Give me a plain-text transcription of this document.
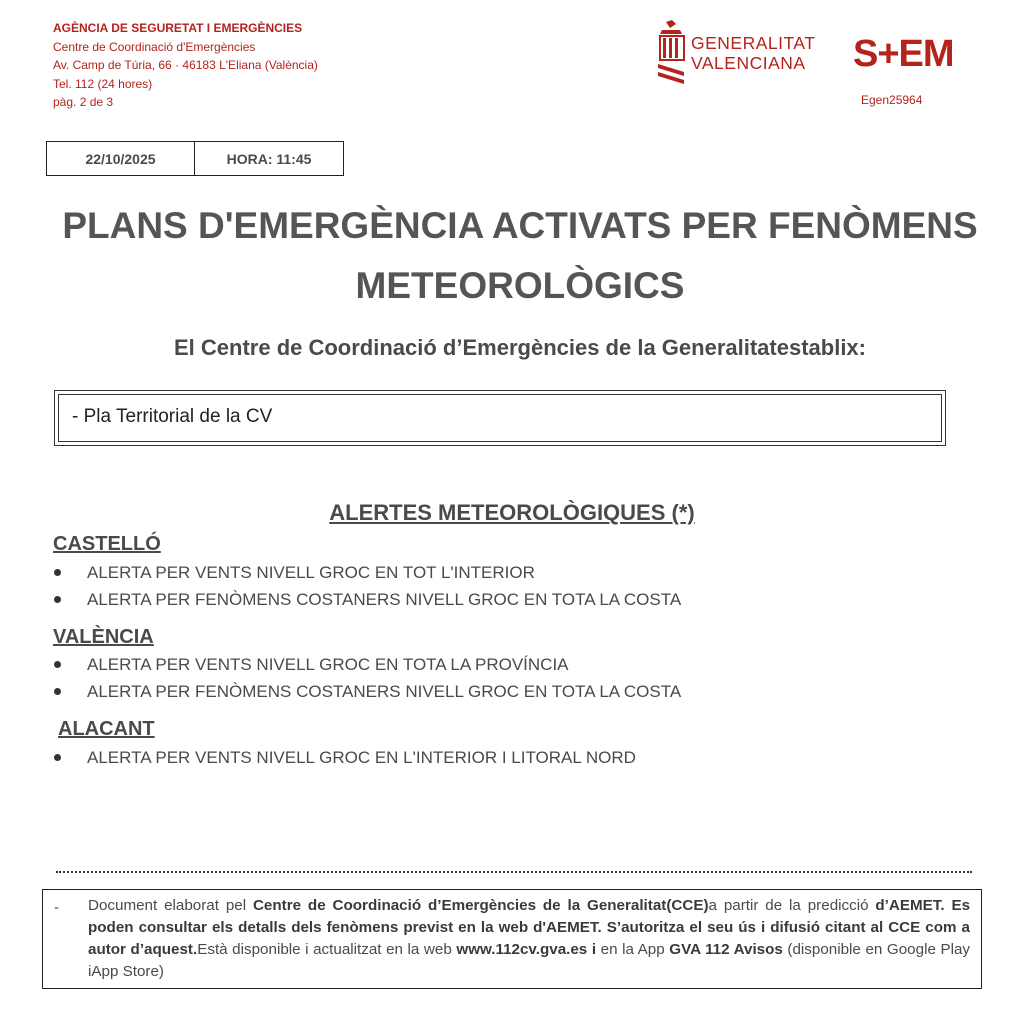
AGÈNCIA DE SEGURETAT I EMERGÈNCIES
Centre de Coordinació d'Emergències
Av. Camp de Túria, 66 · 46183 L'Eliana (València)
Tel. 112 (24 hores)
pàg. 2 de 3
GENERALITAT
VALENCIANA S+EM
Egen25964
22/10/2025	HORA: 11:45
PLANS D'EMERGÈNCIA ACTIVATS PER FENÒMENS METEOROLÒGICS
El Centre de Coordinació d’Emergències de la Generalitatestablix:
- Pla Territorial de la CV
ALERTES METEOROLÒGIQUES (*)
CASTELLÓ
ALERTA PER VENTS NIVELL GROC EN TOT L'INTERIOR
ALERTA PER FENÒMENS COSTANERS NIVELL GROC EN TOTA LA COSTA
VALÈNCIA
ALERTA PER VENTS NIVELL GROC EN TOTA LA PROVÍNCIA
ALERTA PER FENÒMENS COSTANERS NIVELL GROC EN TOTA LA COSTA
ALACANT
ALERTA PER VENTS NIVELL GROC EN L'INTERIOR I LITORAL NORD
- Document elaborat pel Centre de Coordinació d’Emergències de la Generalitat(CCE)a partir de la predicció d’AEMET. Es poden consultar els detalls dels fenòmens previst en la web d'AEMET. S’autoritza el seu ús i difusió citant al CCE com a autor d’aquest.Està disponible i actualitzat en la web www.112cv.gva.es i en la App GVA 112 Avisos (disponible en Google Play iApp Store)
